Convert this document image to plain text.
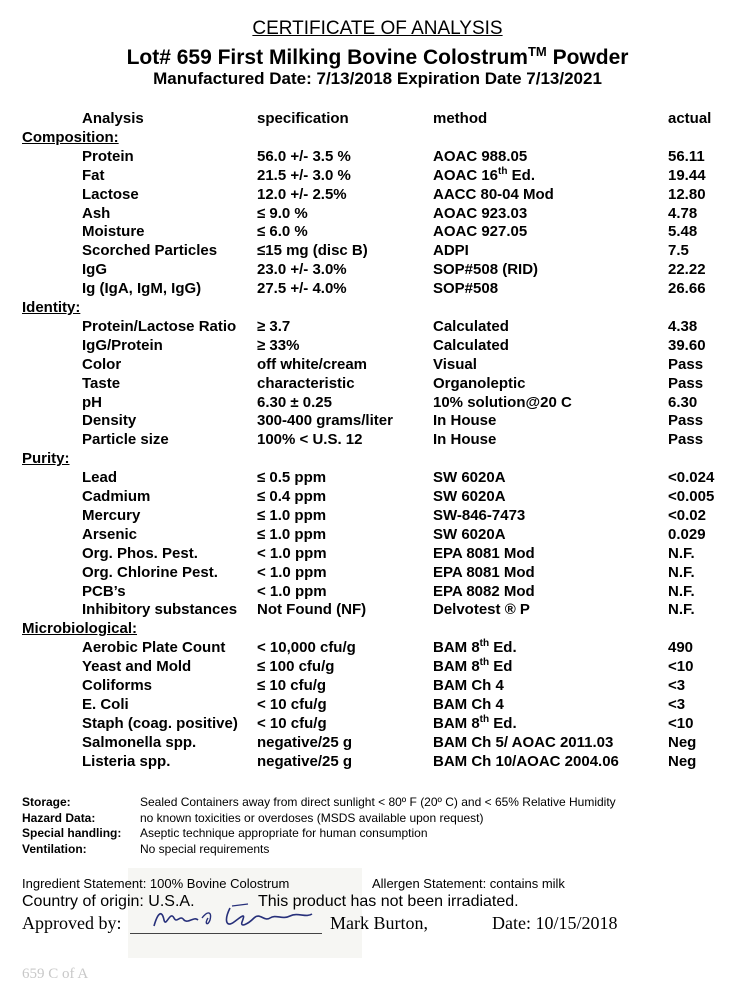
CERTIFICATE OF ANALYSIS
Lot# 659 First Milking Bovine Colostrum™ Powder
Manufactured Date: 7/13/2018 Expiration Date 7/13/2021
Analysis	specification	method	actual
Composition:
Protein	56.0 +/- 3.5 %	AOAC 988.05	56.11
Fat	21.5 +/- 3.0 %	AOAC 16th Ed.	19.44
Lactose	12.0 +/- 2.5%	AACC 80-04 Mod	12.80
Ash	≤ 9.0 %	AOAC 923.03	4.78
Moisture	≤ 6.0 %	AOAC 927.05	5.48
Scorched Particles	≤15 mg (disc B)	ADPI	7.5
IgG	23.0 +/- 3.0%	SOP#508 (RID)	22.22
Ig (IgA, IgM, IgG)	27.5 +/- 4.0%	SOP#508	26.66
Identity:
Protein/Lactose Ratio ≥ 3.7	Calculated	4.38
IgG/Protein	≥ 33%	Calculated	39.60
Color	off white/cream	Visual	Pass
Taste	characteristic	Organoleptic	Pass
pH	6.30 ± 0.25	10% solution@20 C	6.30
Density	300-400 grams/liter	In House	Pass
Particle size	100% < U.S. 12	In House	Pass
Purity:
Lead	≤ 0.5 ppm	SW 6020A	<0.024
Cadmium	≤ 0.4 ppm	SW 6020A	<0.005
Mercury	≤ 1.0 ppm	SW-846-7473	<0.02
Arsenic	≤ 1.0 ppm	SW 6020A	0.029
Org. Phos. Pest.	< 1.0 ppm	EPA 8081 Mod	N.F.
Org. Chlorine Pest.	< 1.0 ppm	EPA 8081 Mod	N.F.
PCB’s	< 1.0 ppm	EPA 8082 Mod	N.F.
Inhibitory substances Not Found (NF)	Delvotest ® P	N.F.
Microbiological:
Aerobic Plate Count < 10,000 cfu/g	BAM 8th Ed.	490
Yeast and Mold	≤ 100 cfu/g	BAM 8th Ed	<10
Coliforms	≤ 10 cfu/g	BAM Ch 4	<3
E. Coli	< 10 cfu/g	BAM Ch 4	<3
Staph (coag. positive) < 10 cfu/g	BAM 8th Ed.	<10
Salmonella spp.	negative/25 g	BAM Ch 5/ AOAC 2011.03	Neg
Listeria spp.	negative/25 g	BAM Ch 10/AOAC 2004.06	Neg
Ingredient Statement: 100% Bovine Colostrum	Allergen Statement: contains milk
Country of origin: U.S.A.	This product has not been irradiated.
Approved by:	Mark Burton,	Date: 10/15/2018
659 C of A
Storage:	Sealed Containers away from direct sunlight < 80º F (20º C) and < 65% Relative Humidity
Hazard Data:	no known toxicities or overdoses (MSDS available upon request)
Special handling: Aseptic technique appropriate for human consumption
Ventilation:	No special requirements
